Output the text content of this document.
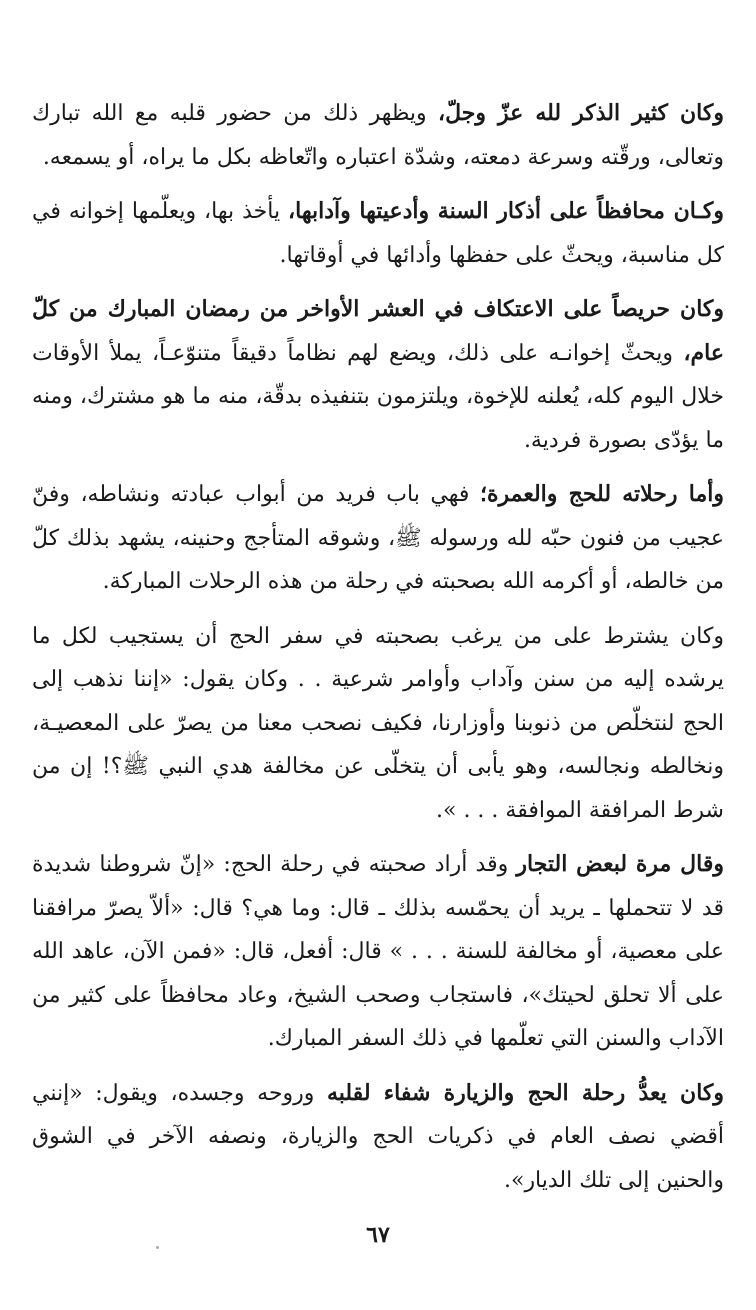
وكان كثير الذكر لله عزّ وجلّ، ويظهر ذلك من حضور قلبه مع الله تبارك وتعالى، ورقّته وسرعة دمعته، وشدّة اعتباره واتّعاظه بكل ما يراه، أو يسمعه.

وكـان محافظاً على أذكار السنة وأدعيتها وآدابها، يأخذ بها، ويعلّمها إخوانه في كل مناسبة، ويحثّ على حفظها وأدائها في أوقاتها.

وكان حريصاً على الاعتكاف في العشر الأواخر من رمضان المبارك من كلّ عام، ويحثّ إخوانـه على ذلك، ويضع لهم نظاماً دقيقاً متنوّعـاً، يملأ الأوقات خلال اليوم كله، يُعلنه للإخوة، ويلتزمون بتنفيذه بدقّة، منه ما هو مشترك، ومنه ما يؤدّى بصورة فردية.

وأما رحلاته للحج والعمرة؛ فهي باب فريد من أبواب عبادته ونشاطه، وفنّ عجيب من فنون حبّه لله ورسوله ﷺ، وشوقه المتأجج وحنينه، يشهد بذلك كلّ من خالطه، أو أكرمه الله بصحبته في رحلة من هذه الرحلات المباركة.

وكان يشترط على من يرغب بصحبته في سفر الحج أن يستجيب لكل ما يرشده إليه من سنن وآداب وأوامر شرعية . . وكان يقول: «إننا نذهب إلى الحج لنتخلّص من ذنوبنا وأوزارنا، فكيف نصحب معنا من يصرّ على المعصيـة، ونخالطه ونجالسه، وهو يأبى أن يتخلّى عن مخالفة هدي النبي ﷺ؟! إن من شرط المرافقة الموافقة . . . ».

وقال مرة لبعض التجار وقد أراد صحبته في رحلة الحج: «إنّ شروطنا شديدة قد لا تتحملها ـ يريد أن يحمّسه بذلك ـ قال: وما هي؟ قال: «ألاّ يصرّ مرافقنا على معصية، أو مخالفة للسنة . . . » قال: أفعل، قال: «فمن الآن، عاهد الله على ألا تحلق لحيتك»، فاستجاب وصحب الشيخ، وعاد محافظاً على كثير من الآداب والسنن التي تعلّمها في ذلك السفر المبارك.

وكان يعدُّ رحلة الحج والزيارة شفاء لقلبه وروحه وجسده، ويقول: «إنني أقضي نصف العام في ذكريات الحج والزيارة، ونصفه الآخر في الشوق والحنين إلى تلك الديار».

٦٧
